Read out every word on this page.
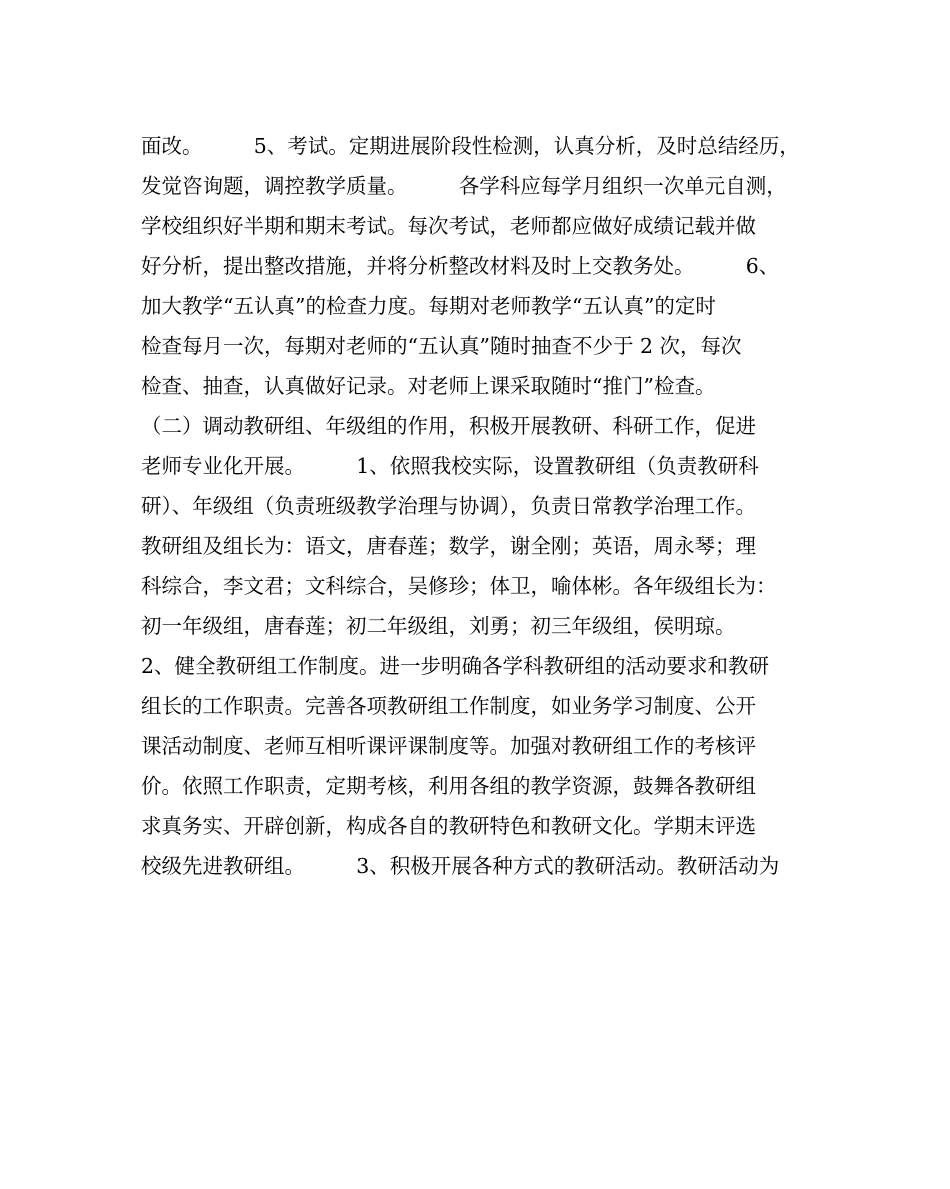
面改。　　　5、考试。定期进展阶段性检测，认真分析，及时总结经历，
发觉咨询题，调控教学质量。　　　各学科应每学月组织一次单元自测，
学校组织好半期和期末考试。每次考试，老师都应做好成绩记载并做
好分析，提出整改措施，并将分析整改材料及时上交教务处。　　　6、
加大教学“五认真”的检查力度。每期对老师教学“五认真”的定时
检查每月一次，每期对老师的“五认真”随时抽查不少于 2 次，每次
检查、抽查，认真做好记录。对老师上课采取随时“推门”检查。
（二）调动教研组、年级组的作用，积极开展教研、科研工作，促进
老师专业化开展。　　　1、依照我校实际，设置教研组（负责教研科
研）、年级组（负责班级教学治理与协调），负责日常教学治理工作。
教研组及组长为：语文，唐春莲；数学，谢全刚；英语，周永琴；理
科综合，李文君；文科综合，吴修珍；体卫，喻体彬。各年级组长为：
初一年级组，唐春莲；初二年级组，刘勇；初三年级组，侯明琼。
2、健全教研组工作制度。进一步明确各学科教研组的活动要求和教研
组长的工作职责。完善各项教研组工作制度，如业务学习制度、公开
课活动制度、老师互相听课评课制度等。加强对教研组工作的考核评
价。依照工作职责，定期考核，利用各组的教学资源，鼓舞各教研组
求真务实、开辟创新，构成各自的教研特色和教研文化。学期末评选
校级先进教研组。　　　3、积极开展各种方式的教研活动。教研活动为
